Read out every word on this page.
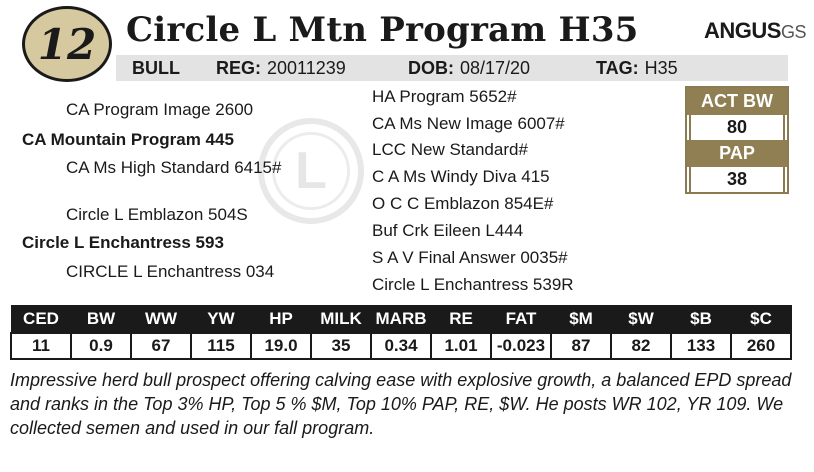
12 Circle L Mtn Program H35	ANGUSGS
BULL REG: 20011239	DOB: 08/17/20	TAG: H35
L
CA Program Image 2600
CA Mountain Program 445
CA Ms High Standard 6415#
Circle L Emblazon 504S
Circle L Enchantress 593
CIRCLE L Enchantress 034
HA Program 5652#
CA Ms New Image 6007#
LCC New Standard#
C A Ms Windy Diva 415
O C C Emblazon 854E#
Buf Crk Eileen L444
S A V Final Answer 0035#
Circle L Enchantress 539R
ACT BW
80
PAP
38
CED	BW	WW	YW	HP	MILK	MARB	RE	FAT	$M	$W	$B	$C
11	0.9	67	115	19.0	35	0.34	1.01	-0.023	87	82	133	260
Impressive herd bull prospect offering calving ease with explosive growth, a balanced EPD spread and ranks in the Top 3% HP, Top 5 % $M, Top 10% PAP, RE, $W. He posts WR 102, YR 109. We collected semen and used in our fall program.
